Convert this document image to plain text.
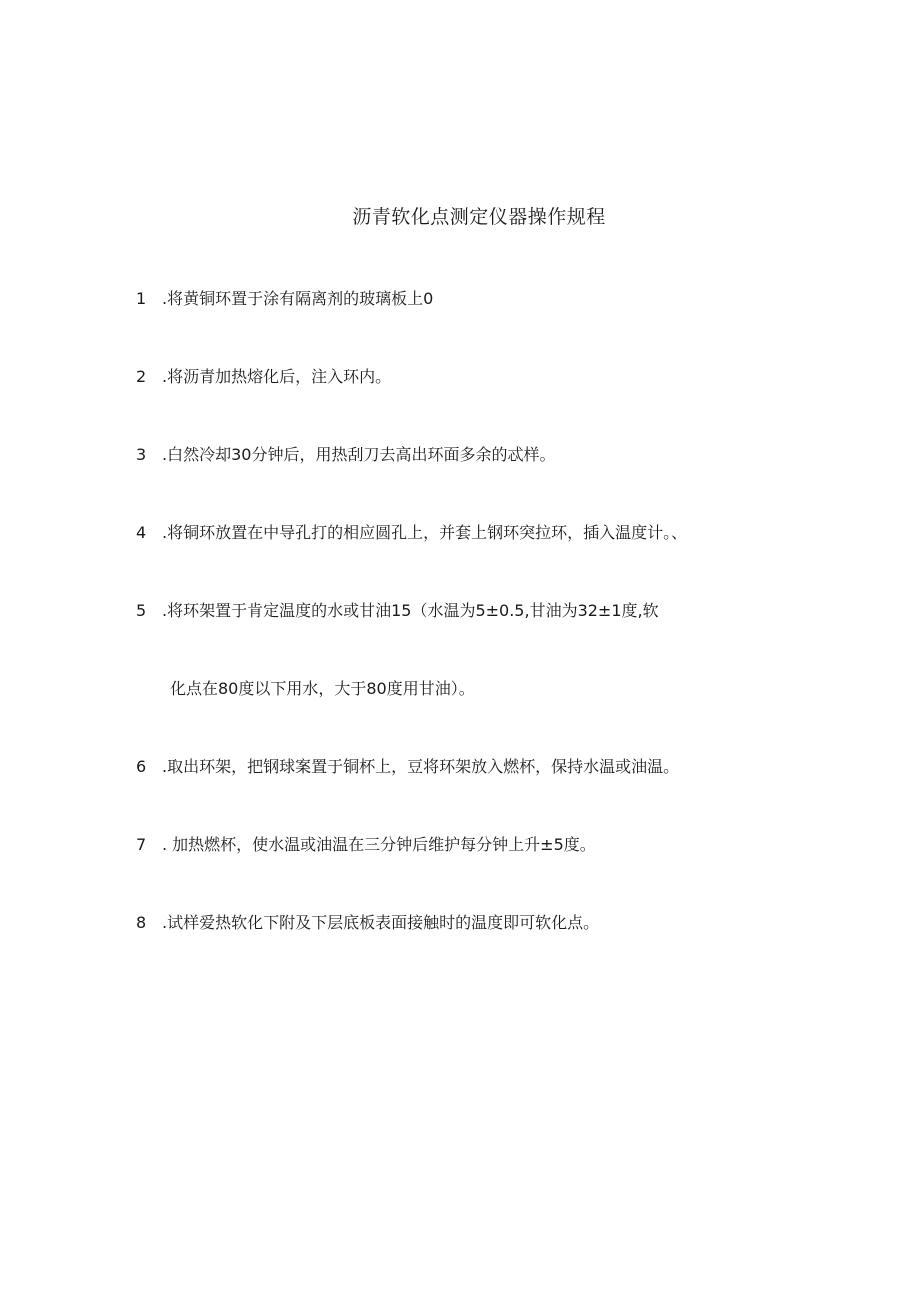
沥青软化点测定仪器操作规程
1 .将黄铜环置于涂有隔离剂的玻璃板上0
2 .将沥青加热熔化后，注入环内。
3 .白然冷却30分钟后，用热刮刀去高出环面多余的忒样。
4 .将铜环放置在中导孔打的相应圆孔上，并套上钢环突拉环，插入温度计。、
5 .将环架置于肯定温度的水或甘油15（水温为5±0.5,甘油为32±1度,软
化点在80度以下用水，大于80度用甘油）。
6 .取出环架，把钢球案置于铜杯上，豆将环架放入燃杯，保持水温或油温。
7 . 加热燃杯，使水温或油温在三分钟后维护每分钟上升±5度。
8 .试样爱热软化下附及下层底板表面接触时的温度即可软化点。
